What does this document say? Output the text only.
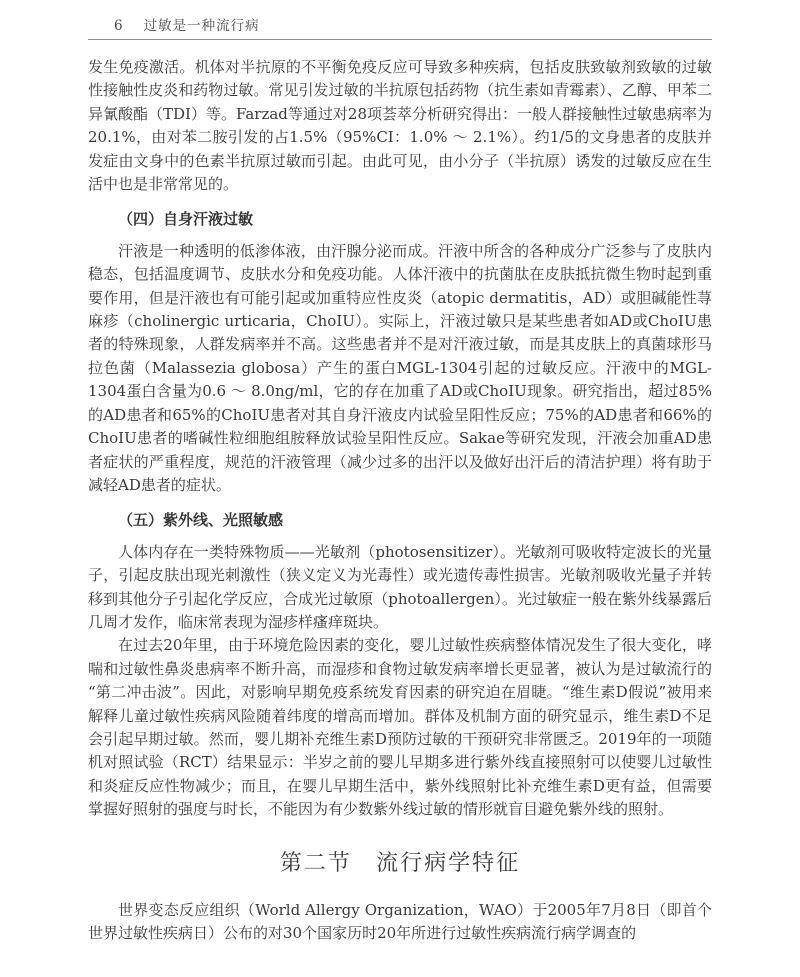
6 过敏是一种流行病

发生免疫激活。机体对半抗原的不平衡免疫反应可导致多种疾病，包括皮肤致敏剂致敏的过敏性接触性皮炎和药物过敏。常见引发过敏的半抗原包括药物（抗生素如青霉素）、乙醇、甲苯二异氰酸酯（TDI）等。Farzad等通过对28项荟萃分析研究得出：一般人群接触性过敏患病率为20.1%，由对苯二胺引发的占1.5%（95%CI：1.0% ～ 2.1%）。约1/5的文身患者的皮肤并发症由文身中的色素半抗原过敏而引起。由此可见，由小分子（半抗原）诱发的过敏反应在生活中也是非常常见的。

（四）自身汗液过敏

汗液是一种透明的低渗体液，由汗腺分泌而成。汗液中所含的各种成分广泛参与了皮肤内稳态，包括温度调节、皮肤水分和免疫功能。人体汗液中的抗菌肽在皮肤抵抗微生物时起到重要作用，但是汗液也有可能引起或加重特应性皮炎（atopic dermatitis，AD）或胆碱能性荨麻疹（cholinergic urticaria，ChoIU）。实际上，汗液过敏只是某些患者如AD或ChoIU患者的特殊现象，人群发病率并不高。这些患者并不是对汗液过敏，而是其皮肤上的真菌球形马拉色菌（Malassezia globosa）产生的蛋白MGL-1304引起的过敏反应。汗液中的MGL-1304蛋白含量为0.6 ～ 8.0ng/ml，它的存在加重了AD或ChoIU现象。研究指出，超过85%的AD患者和65%的ChoIU患者对其自身汗液皮内试验呈阳性反应；75%的AD患者和66%的ChoIU患者的嗜碱性粒细胞组胺释放试验呈阳性反应。Sakae等研究发现，汗液会加重AD患者症状的严重程度，规范的汗液管理（减少过多的出汗以及做好出汗后的清洁护理）将有助于减轻AD患者的症状。

（五）紫外线、光照敏感

人体内存在一类特殊物质——光敏剂（photosensitizer）。光敏剂可吸收特定波长的光量子，引起皮肤出现光刺激性（狭义定义为光毒性）或光遗传毒性损害。光敏剂吸收光量子并转移到其他分子引起化学反应，合成光过敏原（photoallergen）。光过敏症一般在紫外线暴露后几周才发作，临床常表现为湿疹样瘙痒斑块。

在过去20年里，由于环境危险因素的变化，婴儿过敏性疾病整体情况发生了很大变化，哮喘和过敏性鼻炎患病率不断升高，而湿疹和食物过敏发病率增长更显著，被认为是过敏流行的“第二冲击波”。因此，对影响早期免疫系统发育因素的研究迫在眉睫。“维生素D假说”被用来解释儿童过敏性疾病风险随着纬度的增高而增加。群体及机制方面的研究显示，维生素D不足会引起早期过敏。然而，婴儿期补充维生素D预防过敏的干预研究非常匮乏。2019年的一项随机对照试验（RCT）结果显示：半岁之前的婴儿早期多进行紫外线直接照射可以使婴儿过敏性和炎症反应性物减少；而且，在婴儿早期生活中，紫外线照射比补充维生素D更有益，但需要掌握好照射的强度与时长，不能因为有少数紫外线过敏的情形就盲目避免紫外线的照射。

第二节 流行病学特征

世界变态反应组织（World Allergy Organization，WAO）于2005年7月8日（即首个世界过敏性疾病日）公布的对30个国家历时20年所进行过敏性疾病流行病学调查的
